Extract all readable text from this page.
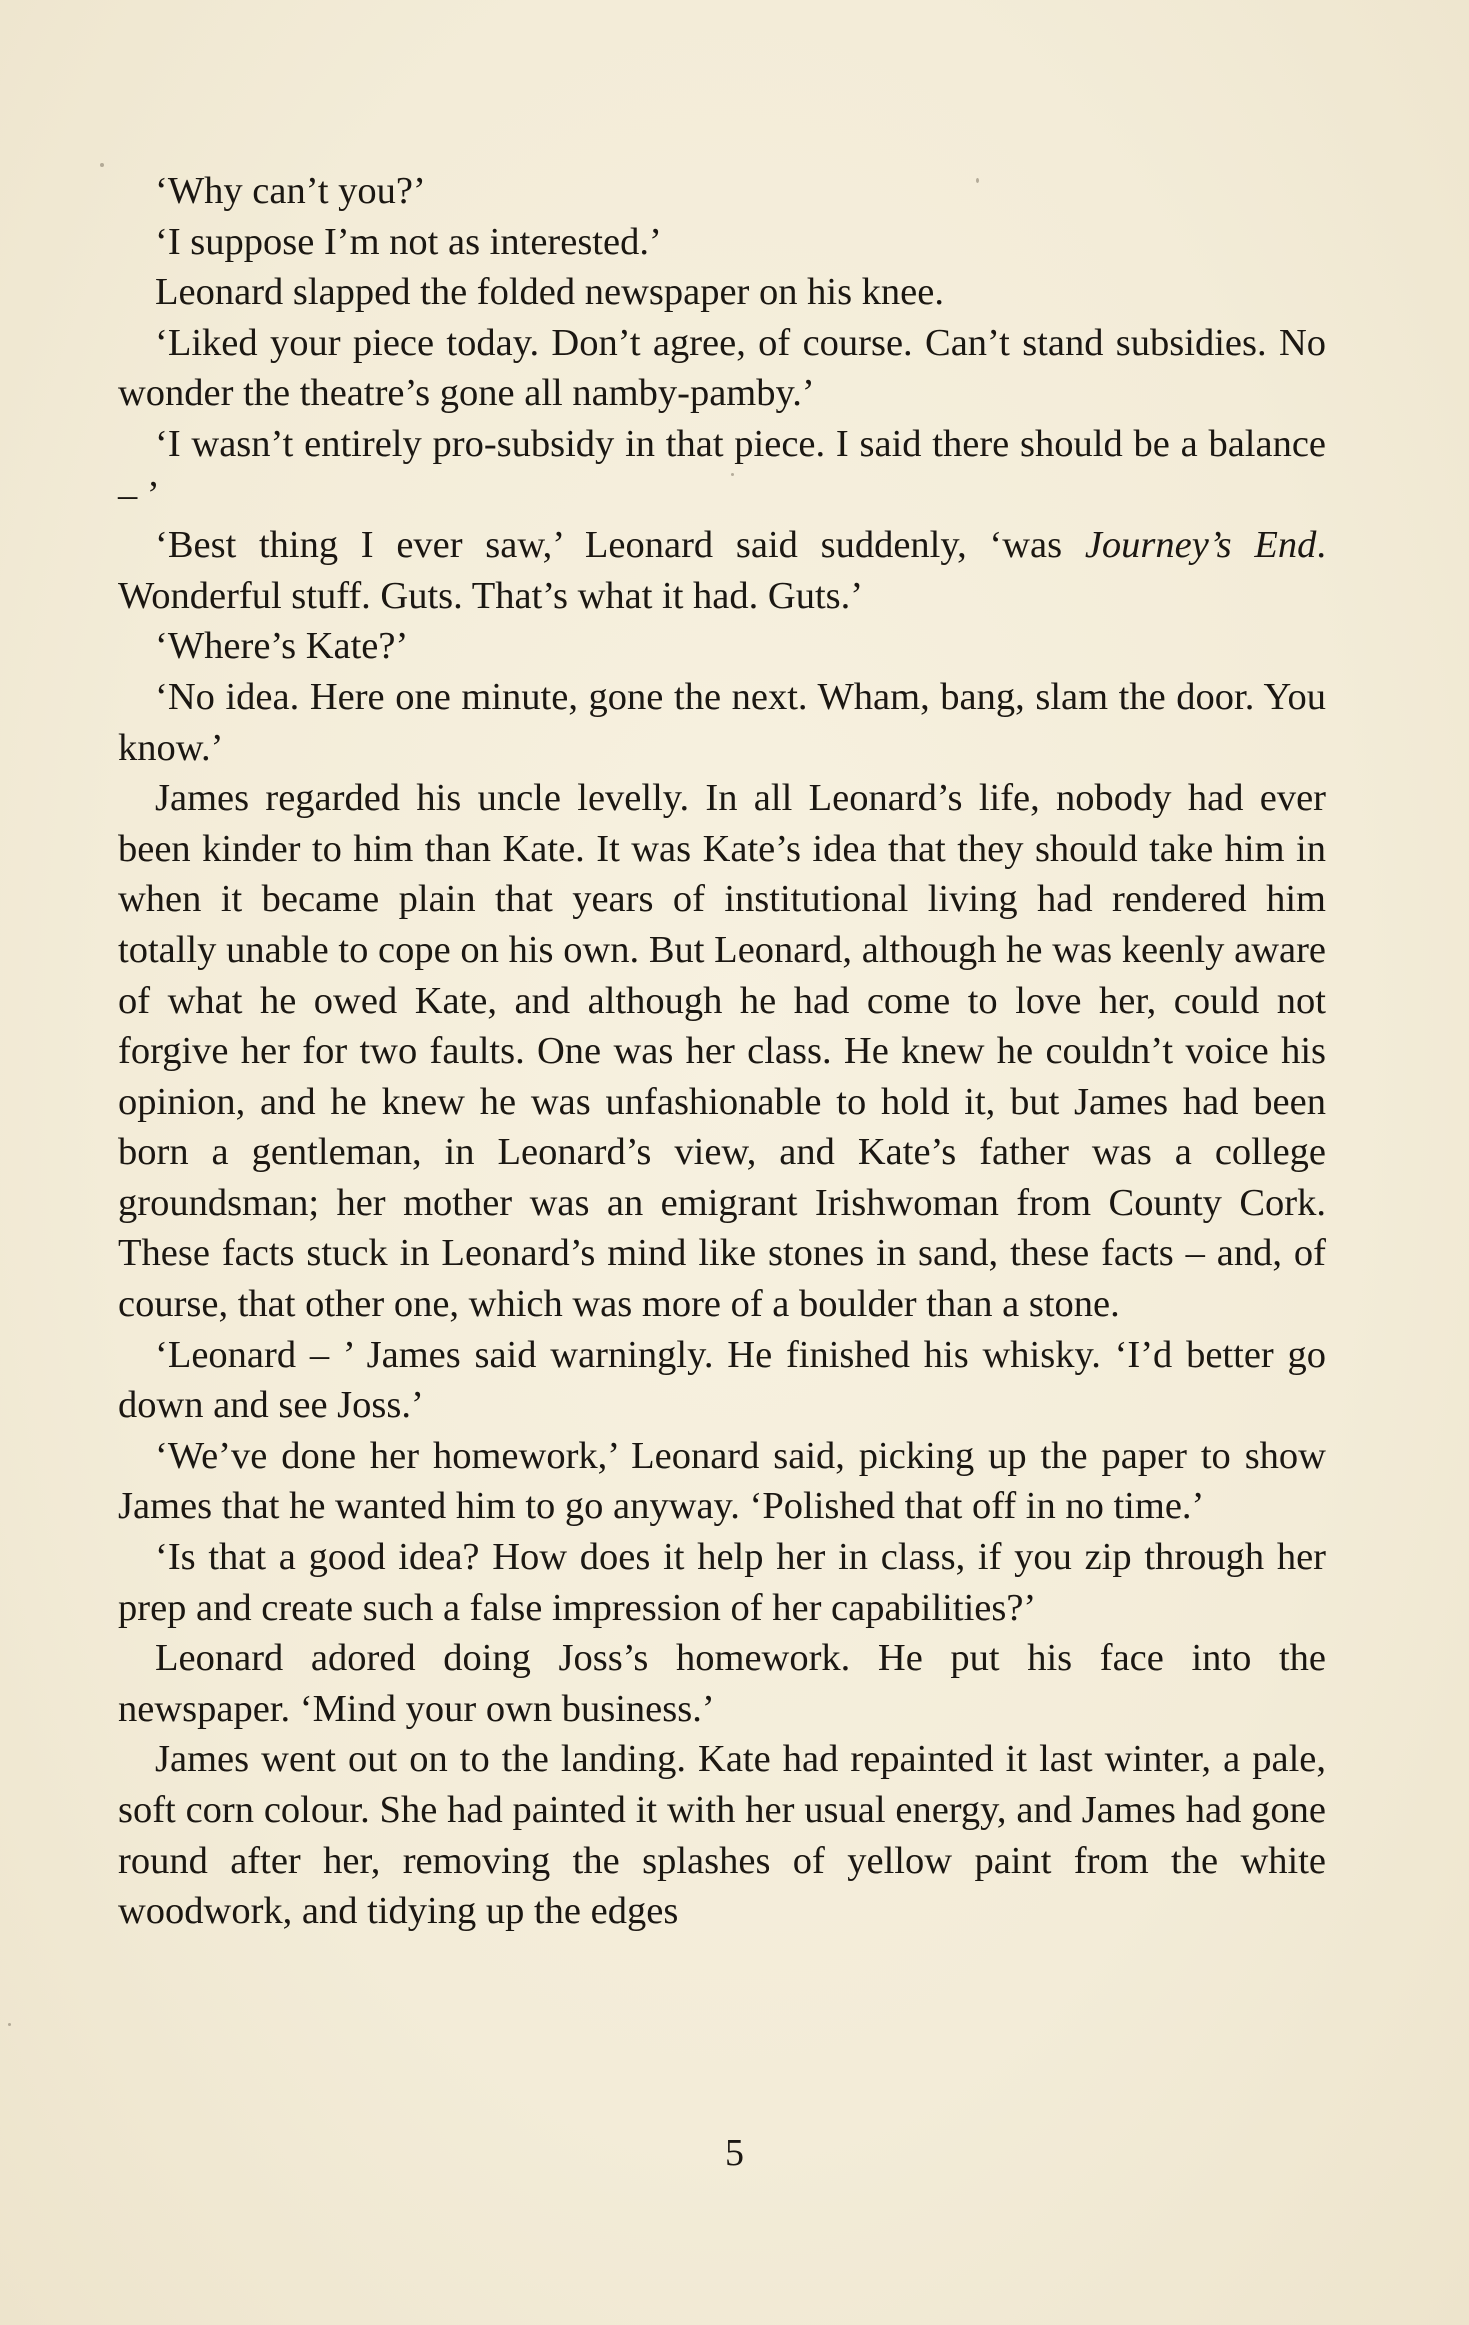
‘Why can’t you?’

‘I suppose I’m not as interested.’

Leonard slapped the folded newspaper on his knee.

‘Liked your piece today. Don’t agree, of course. Can’t stand subsidies. No wonder the theatre’s gone all namby-pamby.’

‘I wasn’t entirely pro-subsidy in that piece. I said there should be a balance – ’

‘Best thing I ever saw,’ Leonard said suddenly, ‘was Journey’s End. Wonderful stuff. Guts. That’s what it had. Guts.’

‘Where’s Kate?’

‘No idea. Here one minute, gone the next. Wham, bang, slam the door. You know.’

James regarded his uncle levelly. In all Leonard’s life, nobody had ever been kinder to him than Kate. It was Kate’s idea that they should take him in when it became plain that years of institutional living had rendered him totally unable to cope on his own. But Leonard, although he was keenly aware of what he owed Kate, and although he had come to love her, could not forgive her for two faults. One was her class. He knew he couldn’t voice his opinion, and he knew he was unfashionable to hold it, but James had been born a gentleman, in Leonard’s view, and Kate’s father was a college groundsman; her mother was an emigrant Irishwoman from County Cork. These facts stuck in Leonard’s mind like stones in sand, these facts – and, of course, that other one, which was more of a boulder than a stone.

‘Leonard – ’ James said warningly. He finished his whisky. ‘I’d better go down and see Joss.’

‘We’ve done her homework,’ Leonard said, picking up the paper to show James that he wanted him to go anyway. ‘Polished that off in no time.’

‘Is that a good idea? How does it help her in class, if you zip through her prep and create such a false impression of her capabilities?’

Leonard adored doing Joss’s homework. He put his face into the newspaper. ‘Mind your own business.’

James went out on to the landing. Kate had repainted it last winter, a pale, soft corn colour. She had painted it with her usual energy, and James had gone round after her, removing the splashes of yellow paint from the white woodwork, and tidying up the edges

5
